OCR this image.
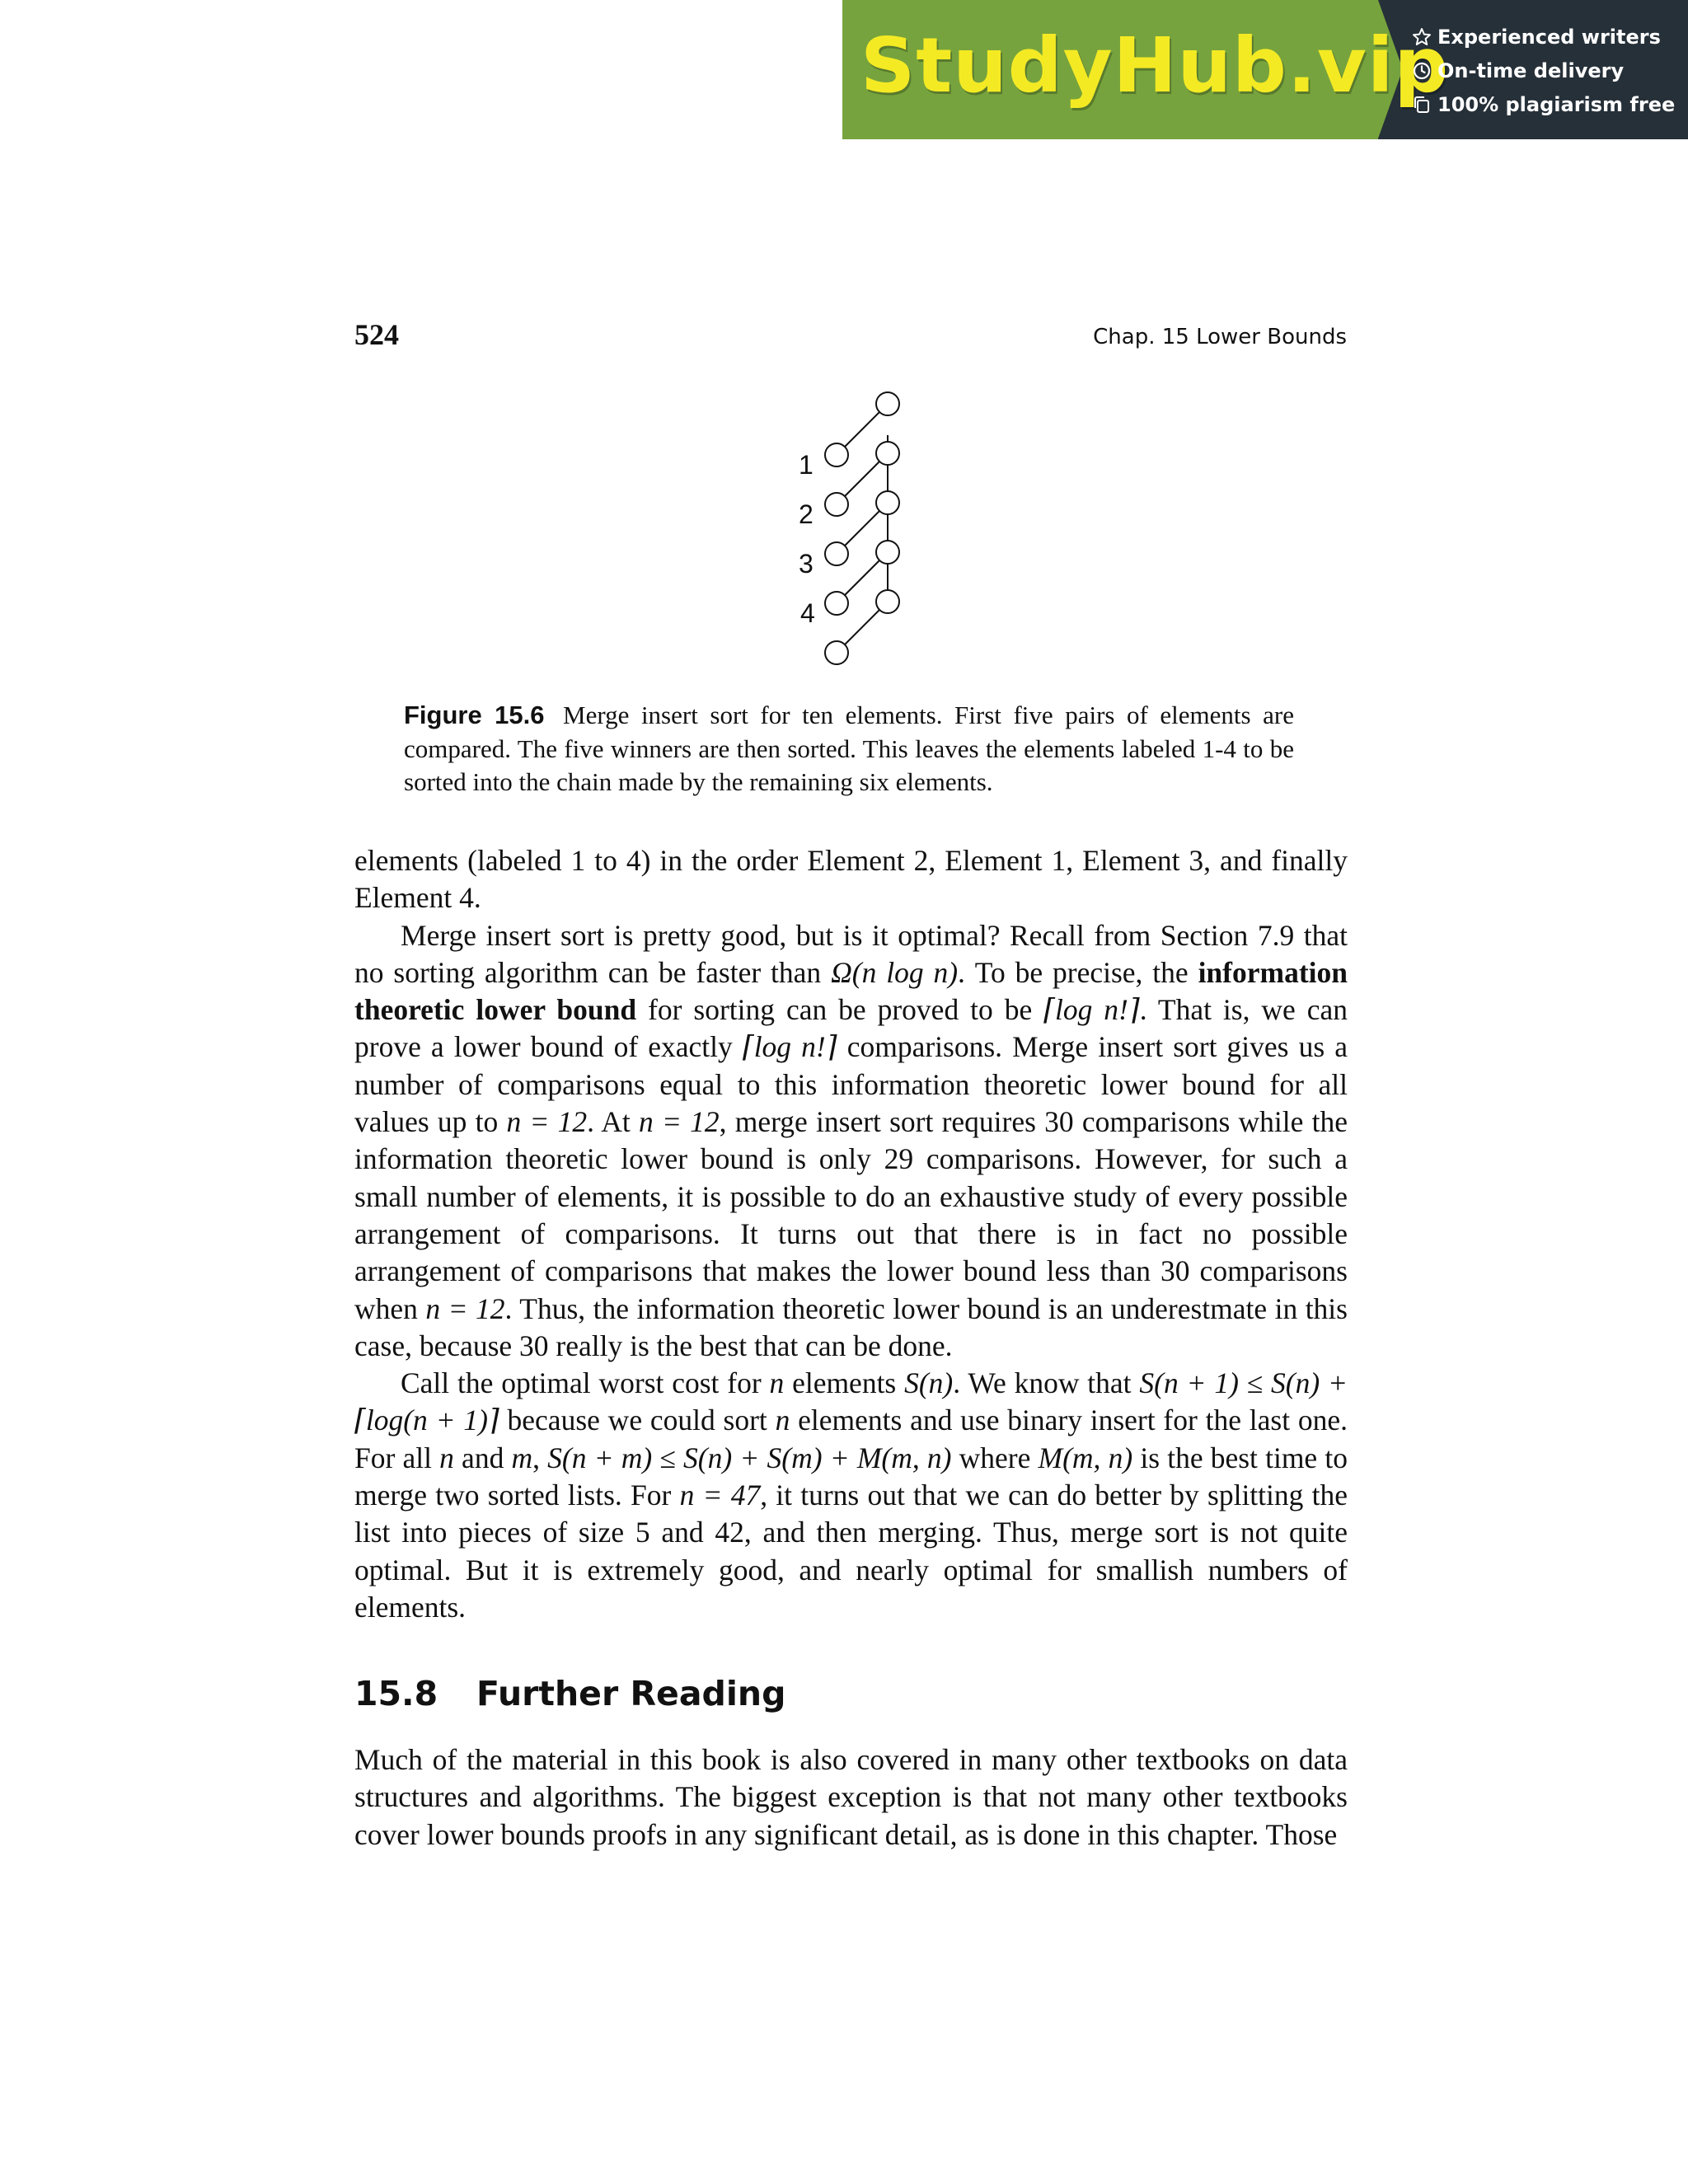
StudyHub.vip
Experienced writers
On-time delivery
100% plagiarism free
524	Chap. 15 Lower Bounds
1
2
3
4
Figure 15.6 Merge insert sort for ten elements. First five pairs of elements are compared. The five winners are then sorted. This leaves the elements labeled 1-4 to be sorted into the chain made by the remaining six elements.

elements (labeled 1 to 4) in the order Element 2, Element 1, Element 3, and finally Element 4.

Merge insert sort is pretty good, but is it optimal? Recall from Section 7.9 that no sorting algorithm can be faster than Ω(n log n). To be precise, the information theoretic lower bound for sorting can be proved to be ⌈log n!⌉. That is, we can prove a lower bound of exactly ⌈log n!⌉ comparisons. Merge insert sort gives us a number of comparisons equal to this information theoretic lower bound for all values up to n = 12. At n = 12, merge insert sort requires 30 comparisons while the information theoretic lower bound is only 29 comparisons. However, for such a small number of elements, it is possible to do an exhaustive study of every possible arrangement of comparisons. It turns out that there is in fact no possible arrangement of comparisons that makes the lower bound less than 30 comparisons when n = 12. Thus, the information theoretic lower bound is an underestmate in this case, because 30 really is the best that can be done.

Call the optimal worst cost for n elements S(n). We know that S(n + 1) ≤ S(n) + ⌈log(n + 1)⌉ because we could sort n elements and use binary insert for the last one. For all n and m, S(n + m) ≤ S(n) + S(m) + M(m, n) where M(m, n) is the best time to merge two sorted lists. For n = 47, it turns out that we can do better by splitting the list into pieces of size 5 and 42, and then merging. Thus, merge sort is not quite optimal. But it is extremely good, and nearly optimal for smallish numbers of elements.

15.8 Further Reading

Much of the material in this book is also covered in many other textbooks on data structures and algorithms. The biggest exception is that not many other textbooks cover lower bounds proofs in any significant detail, as is done in this chapter. Those
